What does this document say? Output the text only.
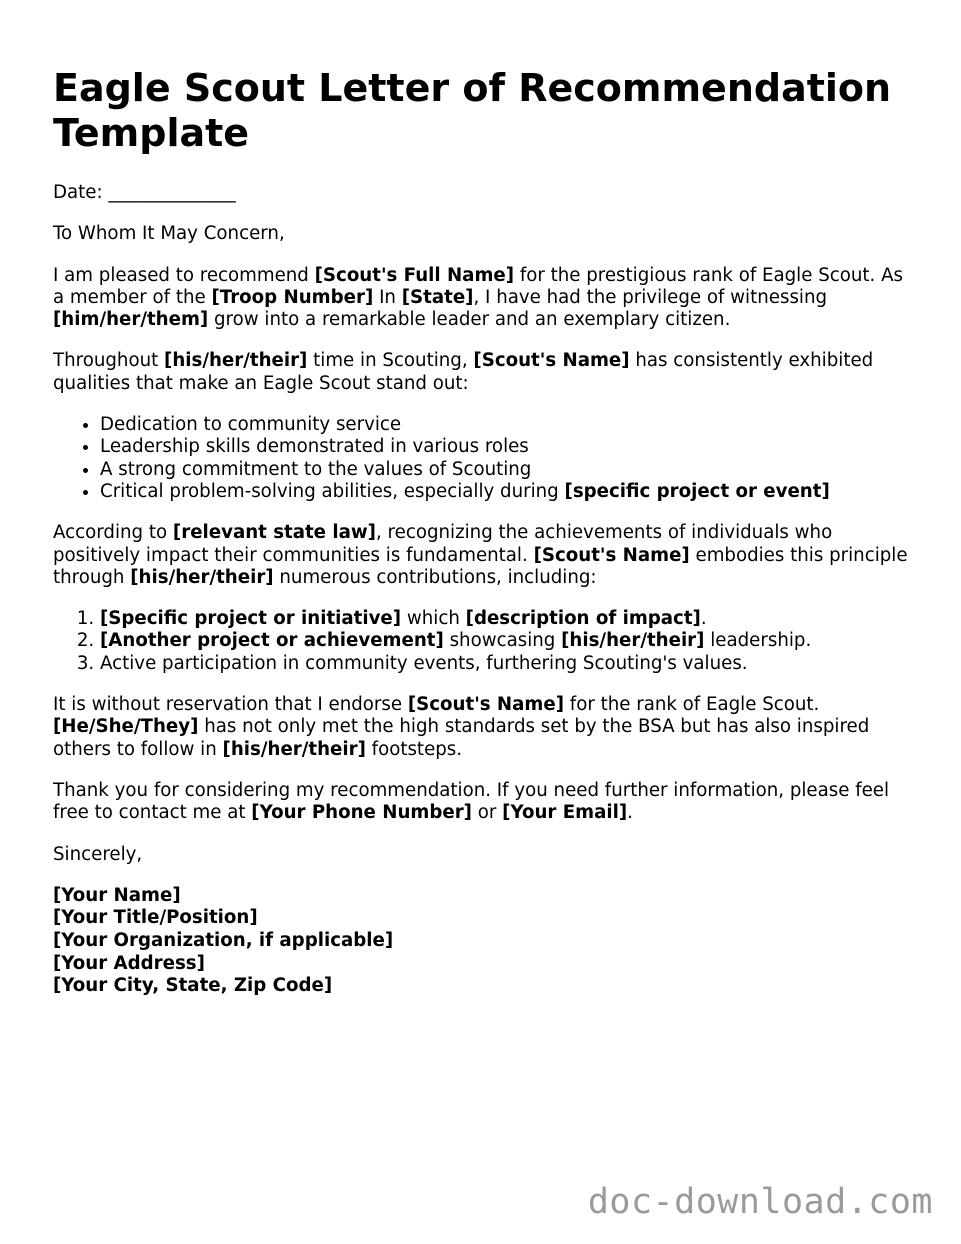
Eagle Scout Letter of Recommendation Template

Date: ______________

To Whom It May Concern,

I am pleased to recommend [Scout's Full Name] for the prestigious rank of Eagle Scout. As a member of the [Troop Number] In [State], I have had the privilege of witnessing [him/her/them] grow into a remarkable leader and an exemplary citizen.

Throughout [his/her/their] time in Scouting, [Scout's Name] has consistently exhibited qualities that make an Eagle Scout stand out:

• Dedication to community service
• Leadership skills demonstrated in various roles
• A strong commitment to the values of Scouting
• Critical problem-solving abilities, especially during [specific project or event]

According to [relevant state law], recognizing the achievements of individuals who positively impact their communities is fundamental. [Scout's Name] embodies this principle through [his/her/their] numerous contributions, including:

1. [Specific project or initiative] which [description of impact].
2. [Another project or achievement] showcasing [his/her/their] leadership.
3. Active participation in community events, furthering Scouting's values.

It is without reservation that I endorse [Scout's Name] for the rank of Eagle Scout. [He/She/They] has not only met the high standards set by the BSA but has also inspired others to follow in [his/her/their] footsteps.

Thank you for considering my recommendation. If you need further information, please feel free to contact me at [Your Phone Number] or [Your Email].

Sincerely,

[Your Name]
[Your Title/Position]
[Your Organization, if applicable]
[Your Address]
[Your City, State, Zip Code]

doc-download.com
